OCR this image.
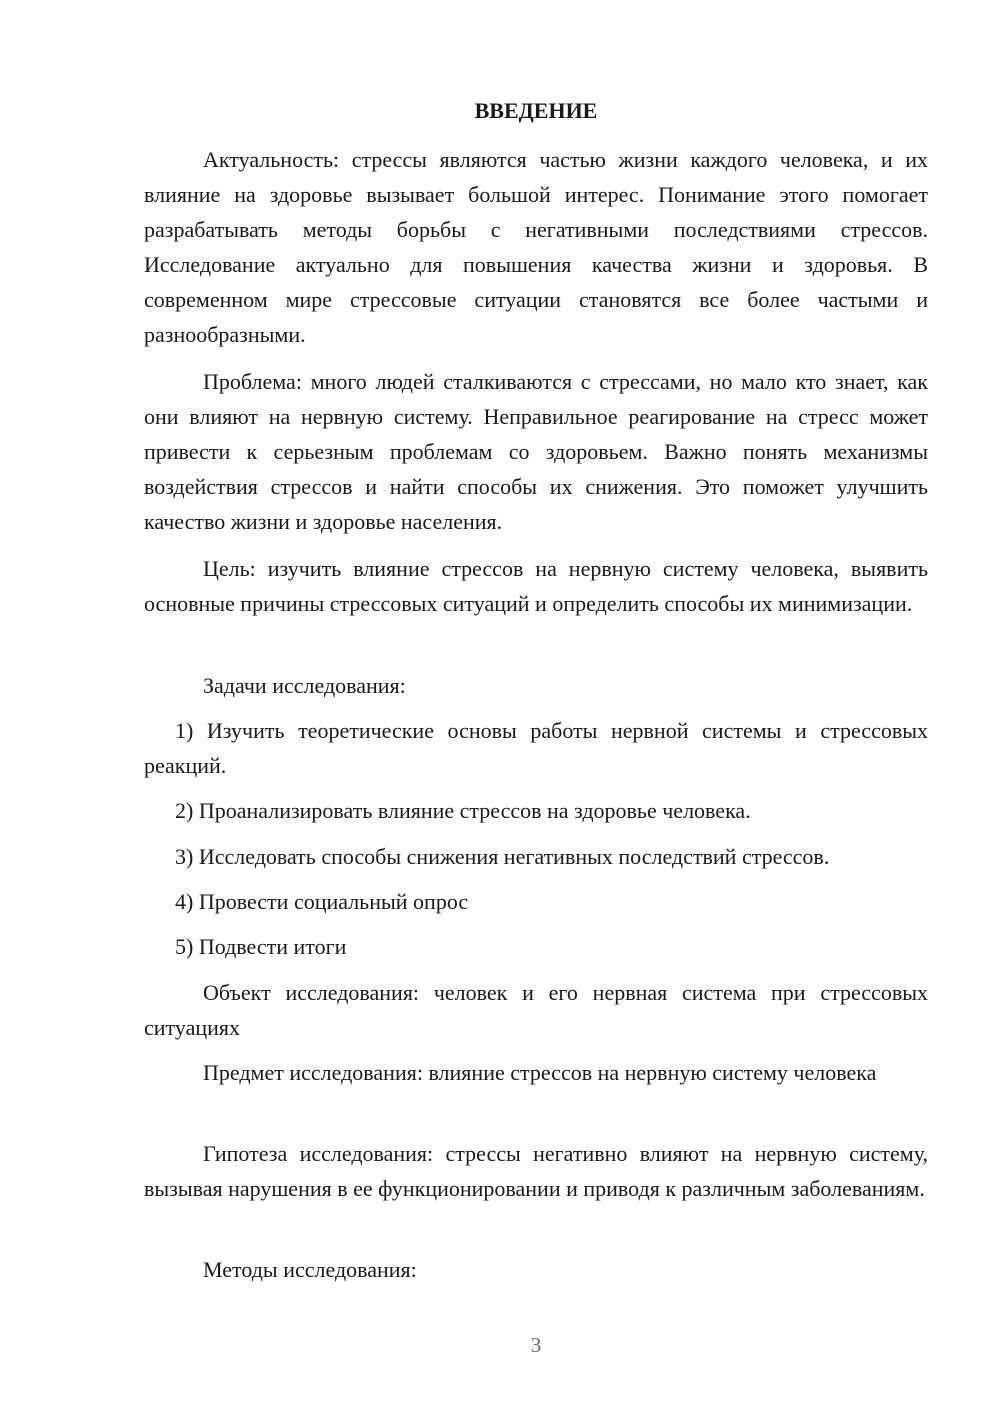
ВВЕДЕНИЕ

Актуальность: стрессы являются частью жизни каждого человека, и их влияние на здоровье вызывает большой интерес. Понимание этого помогает разрабатывать методы борьбы с негативными последствиями стрессов. Исследование актуально для повышения качества жизни и здоровья. В современном мире стрессовые ситуации становятся все более частыми и разнообразными.

Проблема: много людей сталкиваются с стрессами, но мало кто знает, как они влияют на нервную систему. Неправильное реагирование на стресс может привести к серьезным проблемам со здоровьем. Важно понять механизмы воздействия стрессов и найти способы их снижения. Это поможет улучшить качество жизни и здоровье населения.

Цель: изучить влияние стрессов на нервную систему человека, выявить основные причины стрессовых ситуаций и определить способы их минимизации.

Задачи исследования:

1) Изучить теоретические основы работы нервной системы и стрессовых реакций.

2) Проанализировать влияние стрессов на здоровье человека.

3) Исследовать способы снижения негативных последствий стрессов.

4) Провести социальный опрос

5) Подвести итоги

Объект исследования: человек и его нервная система при стрессовых ситуациях

Предмет исследования: влияние стрессов на нервную систему человека

Гипотеза исследования: стрессы негативно влияют на нервную систему, вызывая нарушения в ее функционировании и приводя к различным заболеваниям.

Методы исследования:

3
